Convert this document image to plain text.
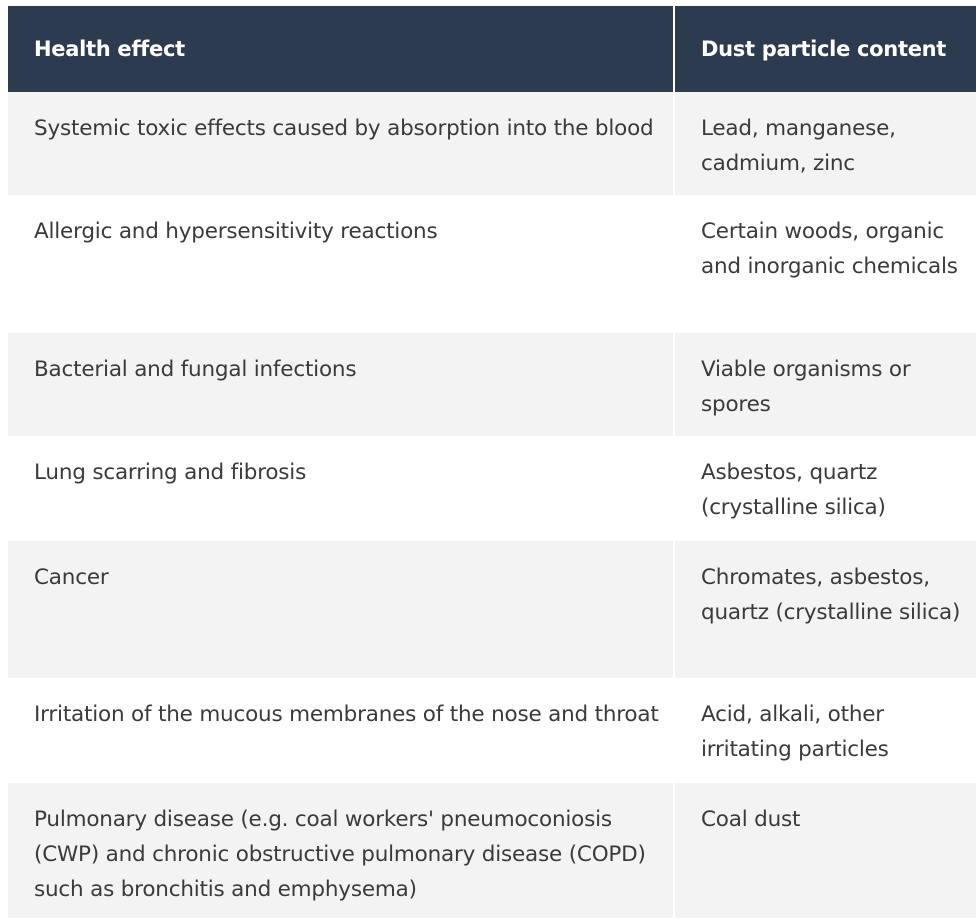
Health effect	Dust particle content
Systemic toxic effects caused by absorption into the blood	Lead, manganese, cadmium, zinc
Allergic and hypersensitivity reactions	Certain woods, organic and inorganic chemicals
Bacterial and fungal infections	Viable organisms or spores
Lung scarring and fibrosis	Asbestos, quartz (crystalline silica)
Cancer	Chromates, asbestos, quartz (crystalline silica)
Irritation of the mucous membranes of the nose and throat	Acid, alkali, other irritating particles
Pulmonary disease (e.g. coal workers' pneumoconiosis (CWP) and chronic obstructive pulmonary disease (COPD) such as bronchitis and emphysema)	Coal dust
